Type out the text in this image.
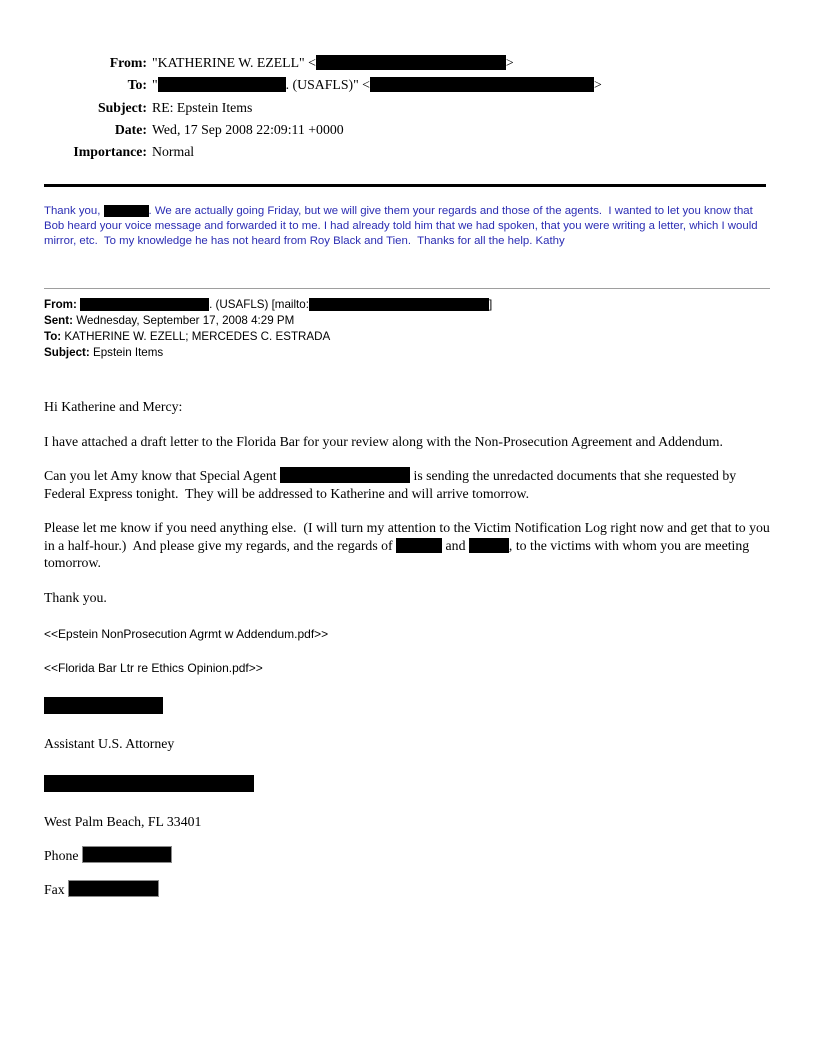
From: "KATHERINE W. EZELL" <	>
To: "	. (USAFLS)" <	>
Subject: RE: Epstein Items
Date: Wed, 17 Sep 2008 22:09:11 +0000
Importance: Normal
Thank you,	. We are actually going Friday, but we will give them your regards and those of the agents.  I wanted to let you know that Bob heard your voice message and forwarded it to me. I had already told him that we had spoken, that you were writing a letter, which I would mirror, etc.  To my knowledge he has not heard from Roy Black and Tien.  Thanks for all the help. Kathy
From:	. (USAFLS) [mailto:	]
Sent: Wednesday, September 17, 2008 4:29 PM
To: KATHERINE W. EZELL; MERCEDES C. ESTRADA
Subject: Epstein Items

Hi Katherine and Mercy:

I have attached a draft letter to the Florida Bar for your review along with the Non-Prosecution Agreement and Addendum.

Can you let Amy know that Special Agent	is sending the unredacted documents that she requested by Federal Express tonight.  They will be addressed to Katherine and will arrive tomorrow.

Please let me know if you need anything else.  (I will turn my attention to the Victim Notification Log right now and get that to you in a half-hour.)  And please give my regards, and the regards of	and	, to the victims with whom you are meeting tomorrow.

Thank you.

<<Epstein NonProsecution Agrmt w Addendum.pdf>>
<<Florida Bar Ltr re Ethics Opinion.pdf>>
Assistant U.S. Attorney
West Palm Beach, FL 33401
Phone
Fax
